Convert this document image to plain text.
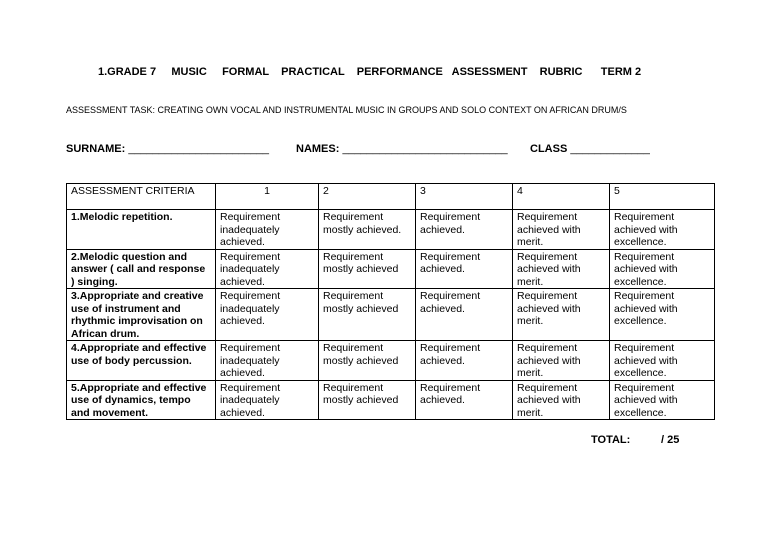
1.GRADE 7     MUSIC     FORMAL    PRACTICAL    PERFORMANCE   ASSESSMENT    RUBRIC      TERM 2
ASSESSMENT TASK: CREATING OWN VOCAL AND INSTRUMENTAL MUSIC IN GROUPS AND SOLO CONTEXT ON AFRICAN DRUM/S
SURNAME: _______________________ NAMES: ___________________________ CLASS _____________
ASSESSMENT CRITERIA	1	2	3	4	5
1.Melodic repetition.	Requirement inadequately achieved.	Requirement mostly achieved.	Requirement achieved.	Requirement achieved with merit.	Requirement achieved with excellence.
2.Melodic question and answer ( call and response ) singing.	Requirement inadequately achieved.	Requirement mostly achieved	Requirement achieved.	Requirement achieved with merit.	Requirement achieved with excellence.
3.Appropriate and creative use of instrument and rhythmic improvisation on African drum.	Requirement inadequately achieved.	Requirement mostly achieved	Requirement achieved.	Requirement achieved with merit.	Requirement achieved with excellence.
4.Appropriate and effective use of body percussion.	Requirement inadequately achieved.	Requirement mostly achieved	Requirement achieved.	Requirement achieved with merit.	Requirement achieved with excellence.
5.Appropriate and effective use of dynamics, tempo and movement.	Requirement inadequately achieved.	Requirement mostly achieved	Requirement achieved.	Requirement achieved with merit.	Requirement achieved with excellence.
TOTAL:	/ 25
